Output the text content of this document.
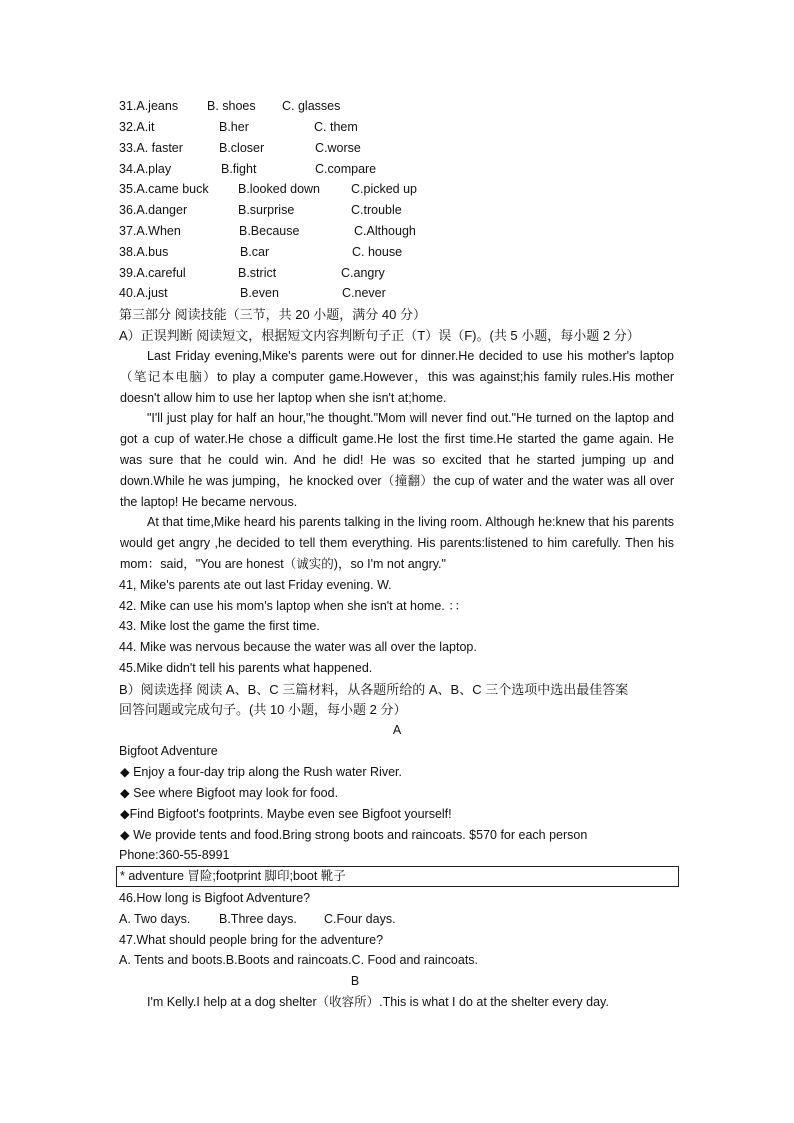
31.A.jeans B. shoes C. glasses
32.A.it	B.her	C. them
33.A. faster	B.closer	C.worse
34.A.play	B.fight	C.compare
35.A.came buck B.looked down C.picked up
36.A.danger	B.surprise	C.trouble
37.A.When	B.Because	C.Although
38.A.bus	B.car	C. house
39.A.careful	B.strict	C.angry
40.A.just	B.even	C.never
第三部分 阅读技能（三节，共 20 小题，满分 40 分）
A）正误判断 阅读短文，根据短文内容判断句子正（T）误（F)。(共 5 小题，每小题 2 分）
Last Friday evening,Mike's parents were out for dinner.He decided to use his mother's laptop （笔记本电脑）to play a computer game.However，this was against;his family rules.His mother doesn't allow him to use her laptop when she isn't at;home.
"I'll just play for half an hour,"he thought."Mom will never find out."He turned on the laptop and got a cup of water.He chose a difficult game.He lost the first time.He started the game again. He was sure that he could win. And he did! He was so excited that he started jumping up and down.While he was jumping，he knocked over（撞翻）the cup of water and the water was all over the laptop! He became nervous.
At that time,Mike heard his parents talking in the living room. Although he:knew that his parents would get angry ,he decided to tell them everything. His parents:listened to him carefully. Then his mom：said，"You are honest（诚实的)，so I'm not angry."
41, Mike's parents ate out last Friday evening. W.
42. Mike can use his mom's laptop when she isn't at home. ：：
43. Mike lost the game the first time.
44. Mike was nervous because the water was all over the laptop.
45.Mike didn't tell his parents what happened.
B）阅读选择 阅读 A、B、C 三篇材料，从各题所给的 A、B、C 三个选项中选出最佳答案
回答问题或完成句子。(共 10 小题，每小题 2 分）
A
Bigfoot Adventure
◆ Enjoy a four-day trip along the Rush water River.
◆ See where Bigfoot may look for food.
◆Find Bigfoot's footprints. Maybe even see Bigfoot yourself!
◆ We provide tents and food.Bring strong boots and raincoats. $570 for each person
Phone:360-55-8991
* adventure 冒险;footprint 脚印;boot 靴子
46.How long is Bigfoot Adventure?
A. Two days. B.Three days. C.Four days.
47.What should people bring for the adventure?
A. Tents and boots.B.Boots and raincoats.C. Food and raincoats.
B
I'm Kelly.I help at a dog shelter（收容所）.This is what I do at the shelter every day.
